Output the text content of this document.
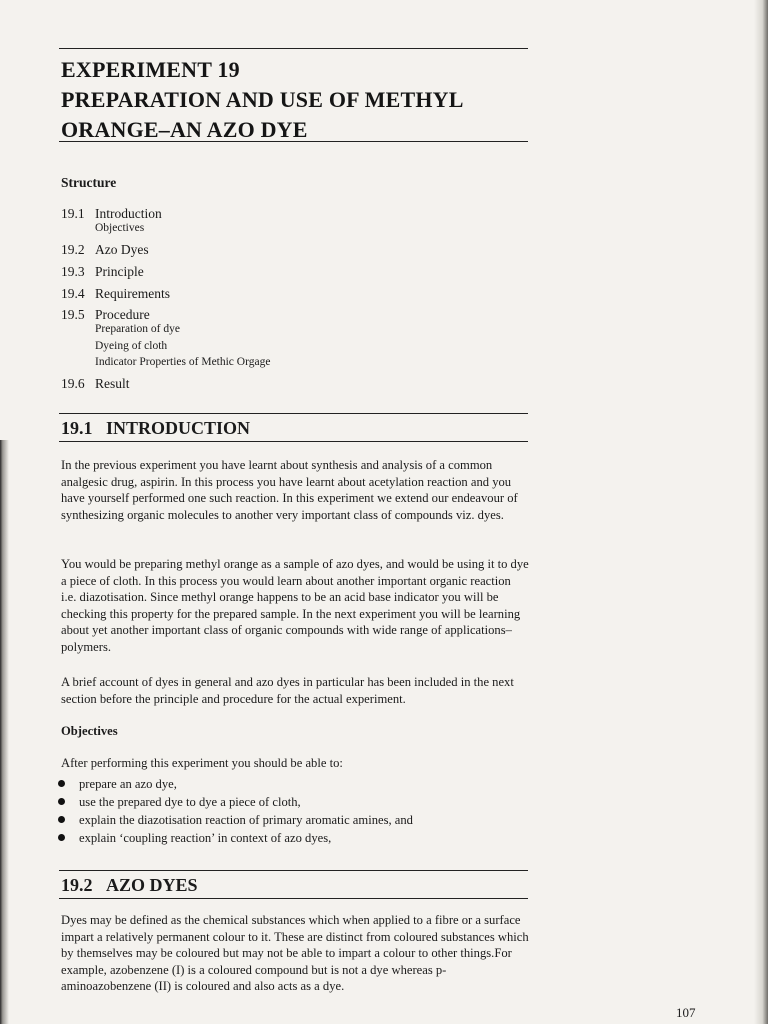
EXPERIMENT 19
PREPARATION AND USE OF METHYL
ORANGE–AN AZO DYE
Structure
19.1 Introduction
Objectives
19.2 Azo Dyes
19.3 Principle
19.4 Requirements
19.5 Procedure
Preparation of dye
Dyeing of cloth
Indicator Properties of Methic Orgage
19.6 Result
19.1 INTRODUCTION

In the previous experiment you have learnt about synthesis and analysis of a common analgesic drug, aspirin. In this process you have learnt about acetylation reaction and you have yourself performed one such reaction. In this experiment we extend our endeavour of synthesizing organic molecules to another very important class of compounds viz. dyes.

You would be preparing methyl orange as a sample of azo dyes, and would be using it to dye a piece of cloth. In this process you would learn about another important organic reaction i.e. diazotisation. Since methyl orange happens to be an acid base indicator you will be checking this property for the prepared sample. In the next experiment you will be learning about yet another important class of organic compounds with wide range of applications–polymers.

A brief account of dyes in general and azo dyes in particular has been included in the next section before the principle and procedure for the actual experiment.

Objectives

After performing this experiment you should be able to:

prepare an azo dye,
use the prepared dye to dye a piece of cloth,
explain the diazotisation reaction of primary aromatic amines, and
explain ‘coupling reaction’ in context of azo dyes,
19.2 AZO DYES

Dyes may be defined as the chemical substances which when applied to a fibre or a surface impart a relatively permanent colour to it. These are distinct from coloured substances which by themselves may be coloured but may not be able to impart a colour to other things.For example, azobenzene (I) is a coloured compound but is not a dye whereas p-aminoazobenzene (II) is coloured and also acts as a dye.

107
